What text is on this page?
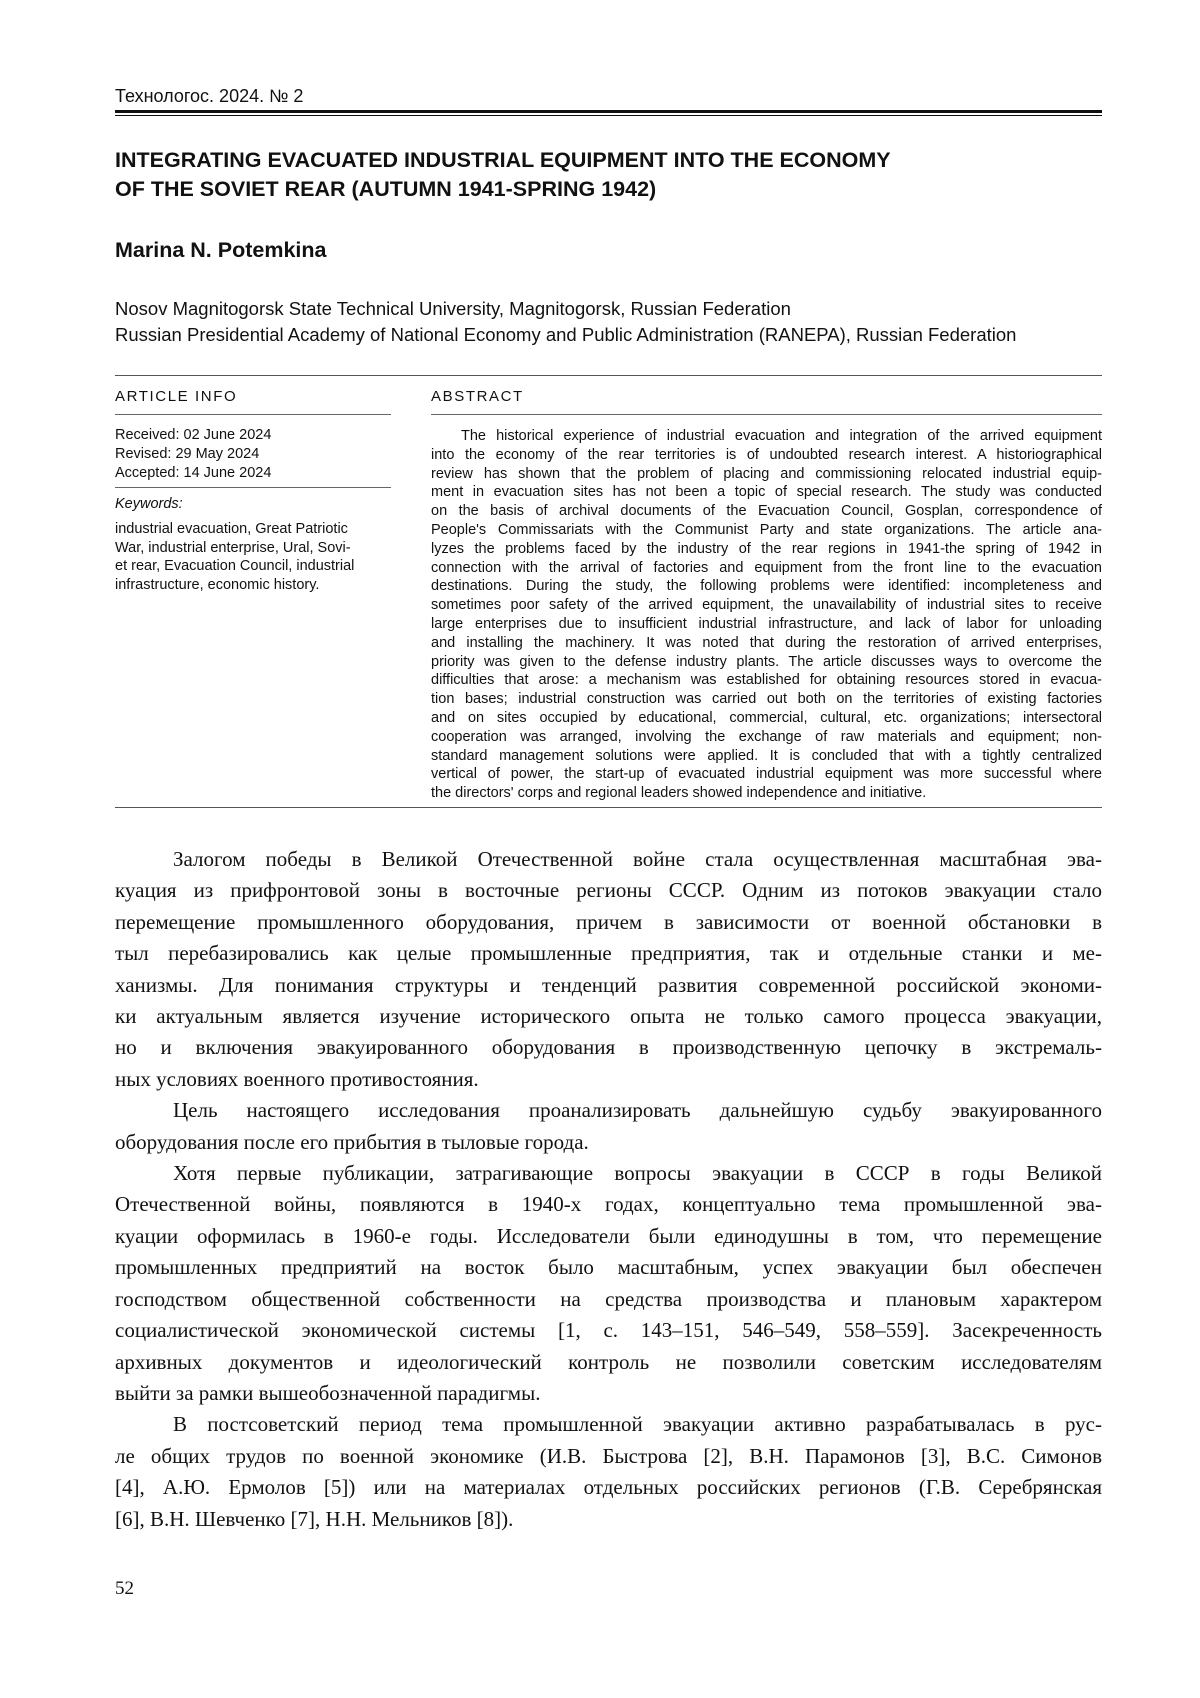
Технологос. 2024. № 2
INTEGRATING EVACUATED INDUSTRIAL EQUIPMENT INTO THE ECONOMY
OF THE SOVIET REAR (AUTUMN 1941-SPRING 1942)
Marina N. Potemkina
Nosov Magnitogorsk State Technical University, Magnitogorsk, Russian Federation
Russian Presidential Academy of National Economy and Public Administration (RANEPA), Russian Federation
ARTICLE INFO	ABSTRACT
Received: 02 June 2024
Revised: 29 May 2024
Accepted: 14 June 2024
Keywords:
industrial evacuation, Great Patriotic
War, industrial enterprise, Ural, Sovi-
et rear, Evacuation Council, industrial
infrastructure, economic history.
The historical experience of industrial evacuation and integration of the arrived equipment
into the economy of the rear territories is of undoubted research interest. A historiographical
review has shown that the problem of placing and commissioning relocated industrial equip-
ment in evacuation sites has not been a topic of special research. The study was conducted
on the basis of archival documents of the Evacuation Council, Gosplan, correspondence of
People's Commissariats with the Communist Party and state organizations. The article ana-
lyzes the problems faced by the industry of the rear regions in 1941-the spring of 1942 in
connection with the arrival of factories and equipment from the front line to the evacuation
destinations. During the study, the following problems were identified: incompleteness and
sometimes poor safety of the arrived equipment, the unavailability of industrial sites to receive
large enterprises due to insufficient industrial infrastructure, and lack of labor for unloading
and installing the machinery. It was noted that during the restoration of arrived enterprises,
priority was given to the defense industry plants. The article discusses ways to overcome the
difficulties that arose: a mechanism was established for obtaining resources stored in evacua-
tion bases; industrial construction was carried out both on the territories of existing factories
and on sites occupied by educational, commercial, cultural, etc. organizations; intersectoral
cooperation was arranged, involving the exchange of raw materials and equipment; non-
standard management solutions were applied. It is concluded that with a tightly centralized
vertical of power, the start-up of evacuated industrial equipment was more successful where
the directors' corps and regional leaders showed independence and initiative.
Залогом победы в Великой Отечественной войне стала осуществленная масштабная эва-
куация из прифронтовой зоны в восточные регионы СССР. Одним из потоков эвакуации стало
перемещение промышленного оборудования, причем в зависимости от военной обстановки в
тыл перебазировались как целые промышленные предприятия, так и отдельные станки и ме-
ханизмы. Для понимания структуры и тенденций развития современной российской экономи-
ки актуальным является изучение исторического опыта не только самого процесса эвакуации,
но и включения эвакуированного оборудования в производственную цепочку в экстремаль-
ных условиях военного противостояния.
Цель настоящего исследования проанализировать дальнейшую судьбу эвакуированного
оборудования после его прибытия в тыловые города.
Хотя первые публикации, затрагивающие вопросы эвакуации в СССР в годы Великой
Отечественной войны, появляются в 1940-х годах, концептуально тема промышленной эва-
куации оформилась в 1960-е годы. Исследователи были единодушны в том, что перемещение
промышленных предприятий на восток было масштабным, успех эвакуации был обеспечен
господством общественной собственности на средства производства и плановым характером
социалистической экономической системы [1, с. 143–151, 546–549, 558–559]. Засекреченность
архивных документов и идеологический контроль не позволили советским исследователям
выйти за рамки вышеобозначенной парадигмы.
В постсоветский период тема промышленной эвакуации активно разрабатывалась в рус-
ле общих трудов по военной экономике (И.В. Быстрова [2], В.Н. Парамонов [3], В.С. Симонов
[4], А.Ю. Ермолов [5]) или на материалах отдельных российских регионов (Г.В. Серебрянская
[6], В.Н. Шевченко [7], Н.Н. Мельников [8]).
52
